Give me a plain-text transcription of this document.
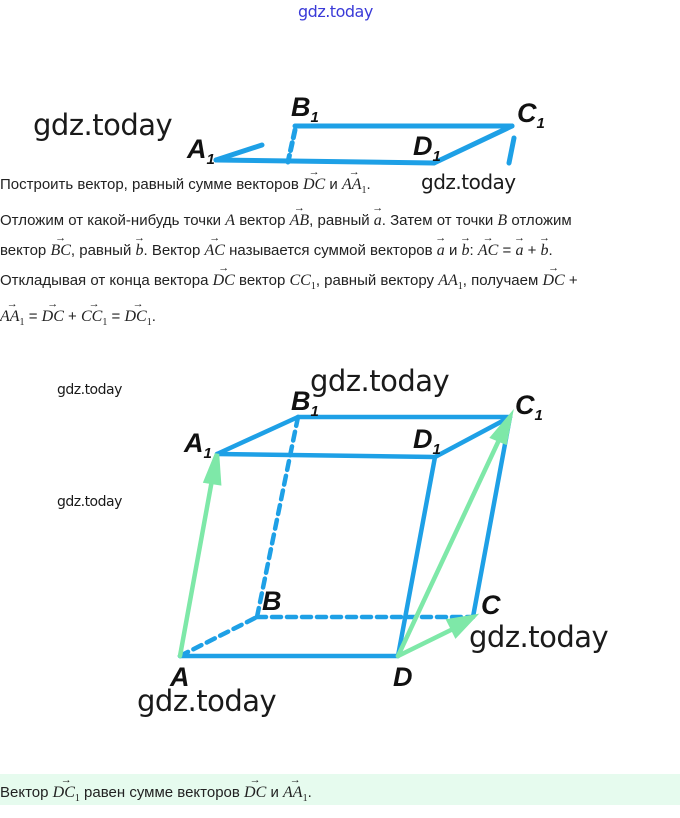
gdz.today
gdz.today
gdz.today
gdz.today
gdz.today
gdz.today
gdz.today
gdz.today
$A_1$
$B_1$
$D_1$
$C_1$
Построить вектор, равный сумме векторов → DC $и \to AA_1$.
Отложим от какой-нибудь точки A вектор → AB, равный → a. Затем от точки B отложим
вектор → BC, равный → b. Вектор → AC называется суммой векторов → a и → b: → AC = → a + → b.
Откладывая от конца вектора → DC вектор $CC_1$, равный вектору $AA_1$, получаем → DC +
→ $AA_1$ = → DC + → $CC_1$ = → $DC_1$.
$A_1$
$B_1$
$D_1$
$C_1$
B	C
A	D
Вектор → $DC_1$ равен сумме векторов → DC $и \to AA_1$.
